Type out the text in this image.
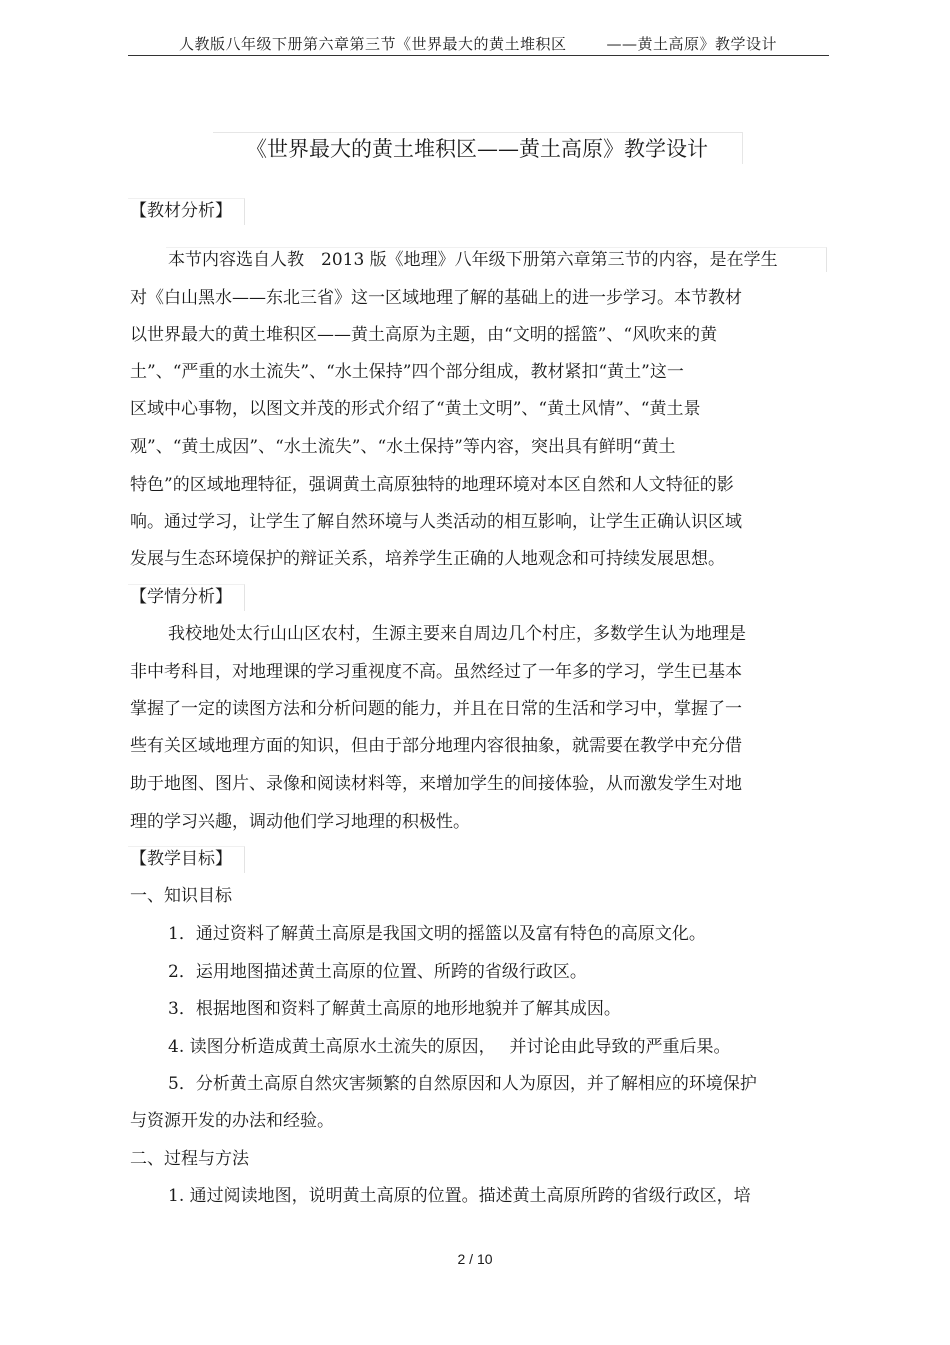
人教版八年级下册第六章第三节《世界最大的黄土堆积区	——黄土高原》教学设计
《世界最大的黄土堆积区——黄土高原》教学设计
【教材分析】
本节内容选自人教　2013 版《地理》八年级下册第六章第三节的内容，是在学生
对《白山黑水——东北三省》这一区域地理了解的基础上的进一步学习。本节教材
以世界最大的黄土堆积区——黄土高原为主题，由“文明的摇篮”、“风吹来的黄
土”、“严重的水土流失”、“水土保持”四个部分组成，教材紧扣“黄土”这一
区域中心事物，以图文并茂的形式介绍了“黄土文明”、“黄土风情”、“黄土景
观”、“黄土成因”、“水土流失”、“水土保持”等内容，突出具有鲜明“黄土
特色”的区域地理特征，强调黄土高原独特的地理环境对本区自然和人文特征的影
响。通过学习，让学生了解自然环境与人类活动的相互影响，让学生正确认识区域
发展与生态环境保护的辩证关系，培养学生正确的人地观念和可持续发展思想。
【学情分析】
我校地处太行山山区农村，生源主要来自周边几个村庄，多数学生认为地理是
非中考科目，对地理课的学习重视度不高。虽然经过了一年多的学习，学生已基本
掌握了一定的读图方法和分析问题的能力，并且在日常的生活和学习中，掌握了一
些有关区域地理方面的知识，但由于部分地理内容很抽象，就需要在教学中充分借
助于地图、图片、录像和阅读材料等，来增加学生的间接体验，从而激发学生对地
理的学习兴趣，调动他们学习地理的积极性。
【教学目标】
一、知识目标
1．通过资料了解黄土高原是我国文明的摇篮以及富有特色的高原文化。
2．运用地图描述黄土高原的位置、所跨的省级行政区。
3．根据地图和资料了解黄土高原的地形地貌并了解其成因。
4. 读图分析造成黄土高原水土流失的原因，　 并讨论由此导致的严重后果。
5．分析黄土高原自然灾害频繁的自然原因和人为原因，并了解相应的环境保护
与资源开发的办法和经验。
二、过程与方法
1. 通过阅读地图，说明黄土高原的位置。描述黄土高原所跨的省级行政区，培
2 / 10
